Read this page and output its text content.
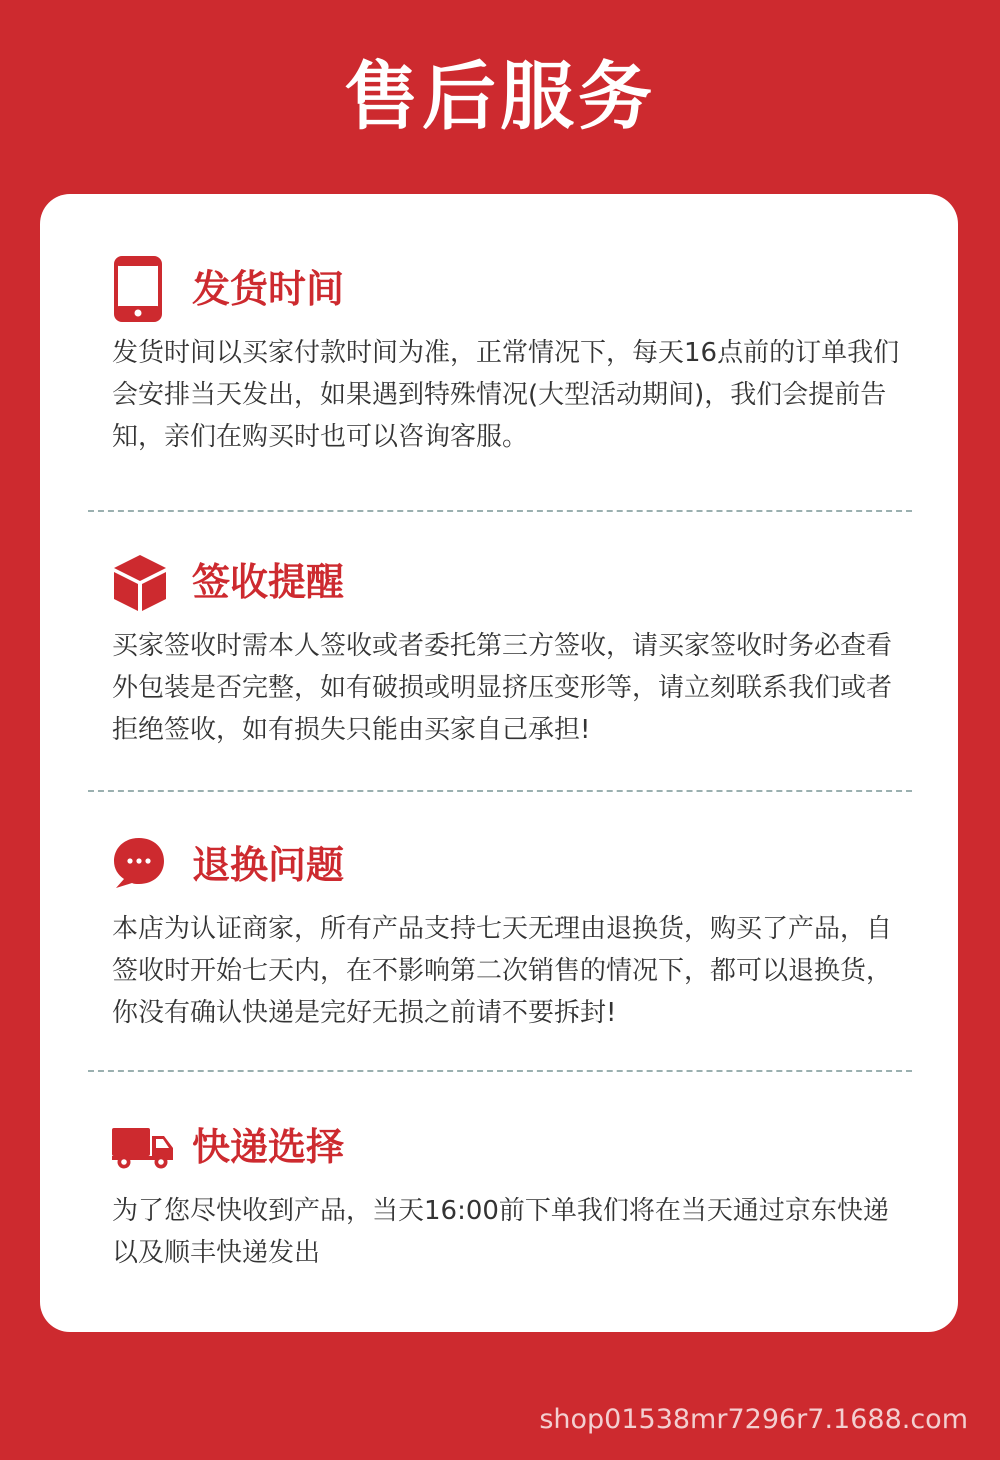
售后服务
发货时间
发货时间以买家付款时间为准，正常情况下，每天16点前的订单我们会安排当天发出，如果遇到特殊情况(大型活动期间)，我们会提前告知，亲们在购买时也可以咨询客服。
签收提醒
买家签收时需本人签收或者委托第三方签收，请买家签收时务必查看外包装是否完整，如有破损或明显挤压变形等，请立刻联系我们或者拒绝签收，如有损失只能由买家自己承担!
退换问题
本店为认证商家，所有产品支持七天无理由退换货，购买了产品，自签收时开始七天内，在不影响第二次销售的情况下，都可以退换货，你没有确认快递是完好无损之前请不要拆封!
快递选择
为了您尽快收到产品，当天16:00前下单我们将在当天通过京东快递以及顺丰快递发出
shop01538mr7296r7.1688.com
